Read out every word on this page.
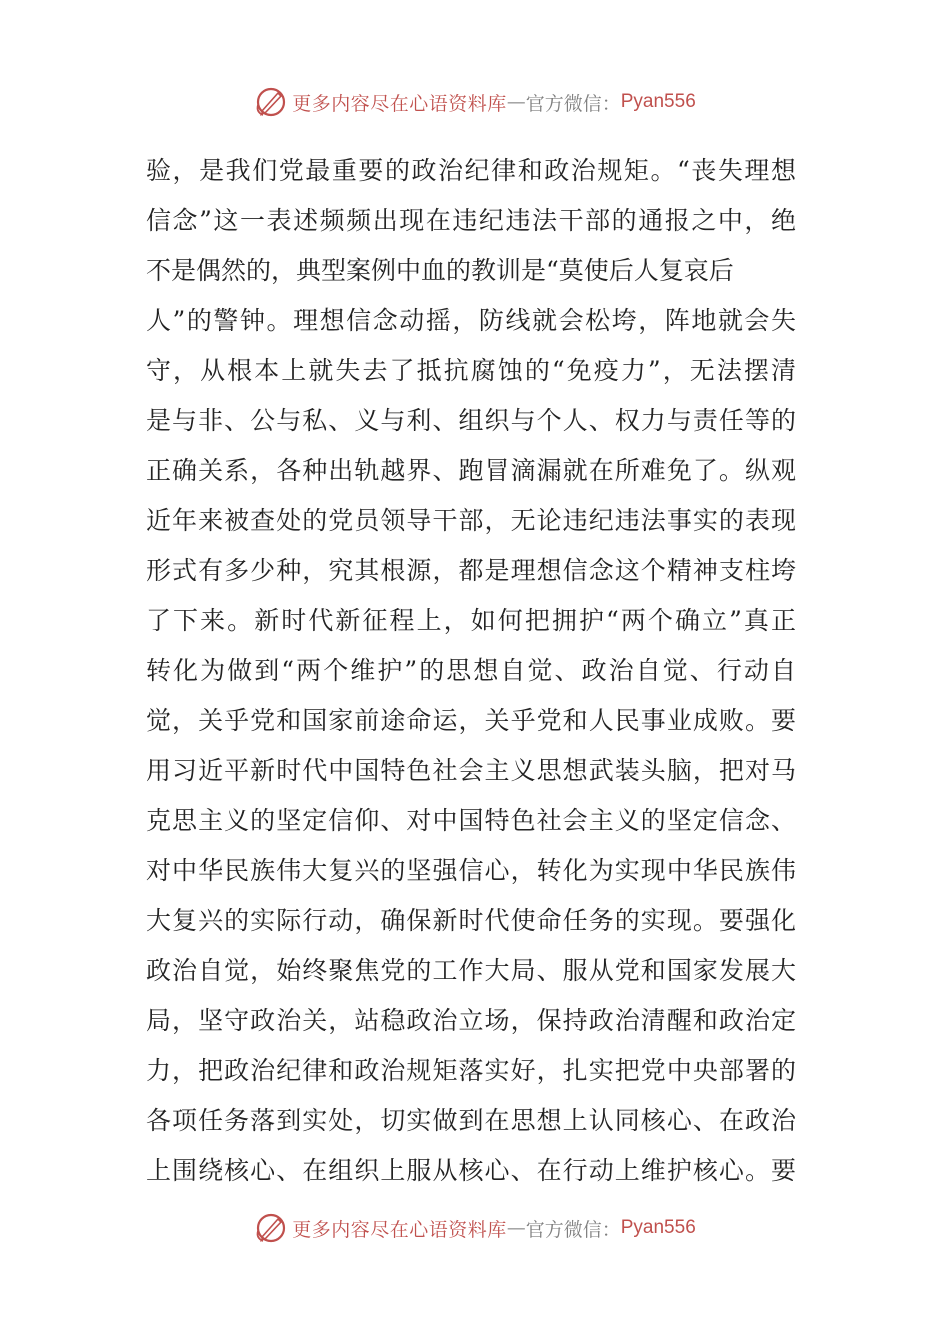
更多内容尽在心语资料库 — 官方微信： Pyan556
验，是我们党最重要的政治纪律和政治规矩。“丧失理想
信念”这一表述频频出现在违纪违法干部的通报之中，绝
不是偶然的，典型案例中血的教训是“莫使后人复哀后
人”的警钟。理想信念动摇，防线就会松垮，阵地就会失
守，从根本上就失去了抵抗腐蚀的“免疫力”，无法摆清
是与非、公与私、义与利、组织与个人、权力与责任等的
正确关系，各种出轨越界、跑冒滴漏就在所难免了。纵观
近年来被查处的党员领导干部，无论违纪违法事实的表现
形式有多少种，究其根源，都是理想信念这个精神支柱垮
了下来。新时代新征程上，如何把拥护“两个确立”真正
转化为做到“两个维护”的思想自觉、政治自觉、行动自
觉，关乎党和国家前途命运，关乎党和人民事业成败。要
用习近平新时代中国特色社会主义思想武装头脑，把对马
克思主义的坚定信仰、对中国特色社会主义的坚定信念、
对中华民族伟大复兴的坚强信心，转化为实现中华民族伟
大复兴的实际行动，确保新时代使命任务的实现。要强化
政治自觉，始终聚焦党的工作大局、服从党和国家发展大
局，坚守政治关，站稳政治立场，保持政治清醒和政治定
力，把政治纪律和政治规矩落实好，扎实把党中央部署的
各项任务落到实处，切实做到在思想上认同核心、在政治
上围绕核心、在组织上服从核心、在行动上维护核心。要
更多内容尽在心语资料库 — 官方微信： Pyan556
